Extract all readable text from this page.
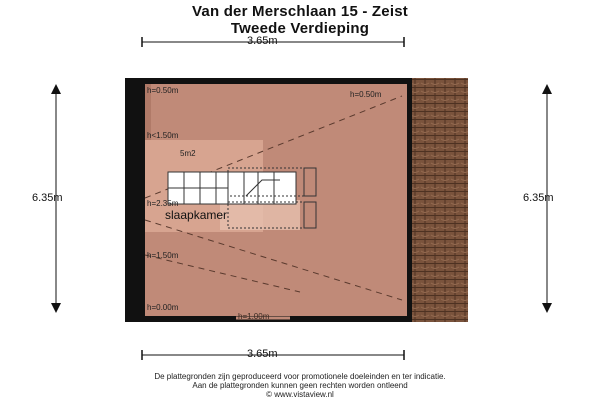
Van der Merschlaan 15 - Zeist
Tweede Verdieping
3.65m
3.65m
6.35m	6.35m
h=0.50m	h=0.50m
h<1.50m
h=2.35m
h=1.50m
h=0.00m
h=1.00m
5m2
slaapkamer
De plattegronden zijn geproduceerd voor promotionele doeleinden en ter indicatie.
Aan de plattegronden kunnen geen rechten worden ontleend
© www.vistaview.nl
